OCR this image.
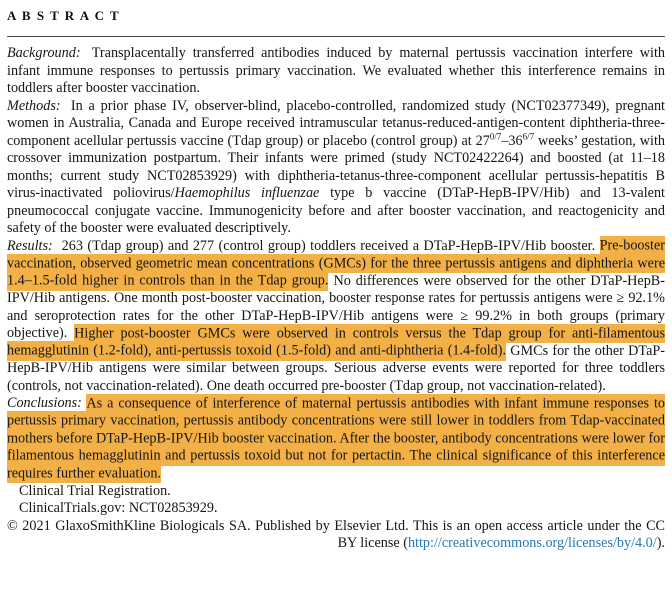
A B S T R A C T

Background: Transplacentally transferred antibodies induced by maternal pertussis vaccination interfere with infant immune responses to pertussis primary vaccination. We evaluated whether this interference remains in toddlers after booster vaccination.

Methods: In a prior phase IV, observer-blind, placebo-controlled, randomized study (NCT02377349), pregnant women in Australia, Canada and Europe received intramuscular tetanus-reduced-antigen-content diphtheria-three-component acellular pertussis vaccine (Tdap group) or placebo (control group) at $27^{0/7}-36^{6/7}$ weeks’ gestation, with crossover immunization postpartum. Their infants were primed (study NCT02422264) and boosted (at 11–18 months; current study NCT02853929) with diphtheria-tetanus-three-component acellular pertussis-hepatitis B virus-inactivated poliovirus/Haemophilus influenzae type b vaccine (DTaP-HepB-IPV/Hib) and 13-valent pneumococcal conjugate vaccine. Immunogenicity before and after booster vaccination, and reactogenicity and safety of the booster were evaluated descriptively.

Results: 263 (Tdap group) and 277 (control group) toddlers received a DTaP-HepB-IPV/Hib booster. Pre-booster vaccination, observed geometric mean concentrations (GMCs) for the three pertussis antigens and diphtheria were 1.4–1.5-fold higher in controls than in the Tdap group. No differences were observed for the other DTaP-HepB-IPV/Hib antigens. One month post-booster vaccination, booster response rates for pertussis antigens were ≥ 92.1% and seroprotection rates for the other DTaP-HepB-IPV/Hib antigens were ≥ 99.2% in both groups (primary objective). Higher post-booster GMCs were observed in controls versus the Tdap group for anti-filamentous hemagglutinin (1.2-fold), anti-pertussis toxoid (1.5-fold) and anti-diphtheria (1.4-fold). GMCs for the other DTaP-HepB-IPV/Hib antigens were similar between groups. Serious adverse events were reported for three toddlers (controls, not vaccination-related). One death occurred pre-booster (Tdap group, not vaccination-related).

Conclusions: As a consequence of interference of maternal pertussis antibodies with infant immune responses to pertussis primary vaccination, pertussis antibody concentrations were still lower in toddlers from Tdap-vaccinated mothers before DTaP-HepB-IPV/Hib booster vaccination. After the booster, antibody concentrations were lower for filamentous hemagglutinin and pertussis toxoid but not for pertactin. The clinical significance of this interference requires further evaluation.

Clinical Trial Registration.

ClinicalTrials.gov: NCT02853929.

© 2021 GlaxoSmithKline Biologicals SA. Published by Elsevier Ltd. This is an open access article under the CC BY license (http://creativecommons.org/licenses/by/4.0/).
